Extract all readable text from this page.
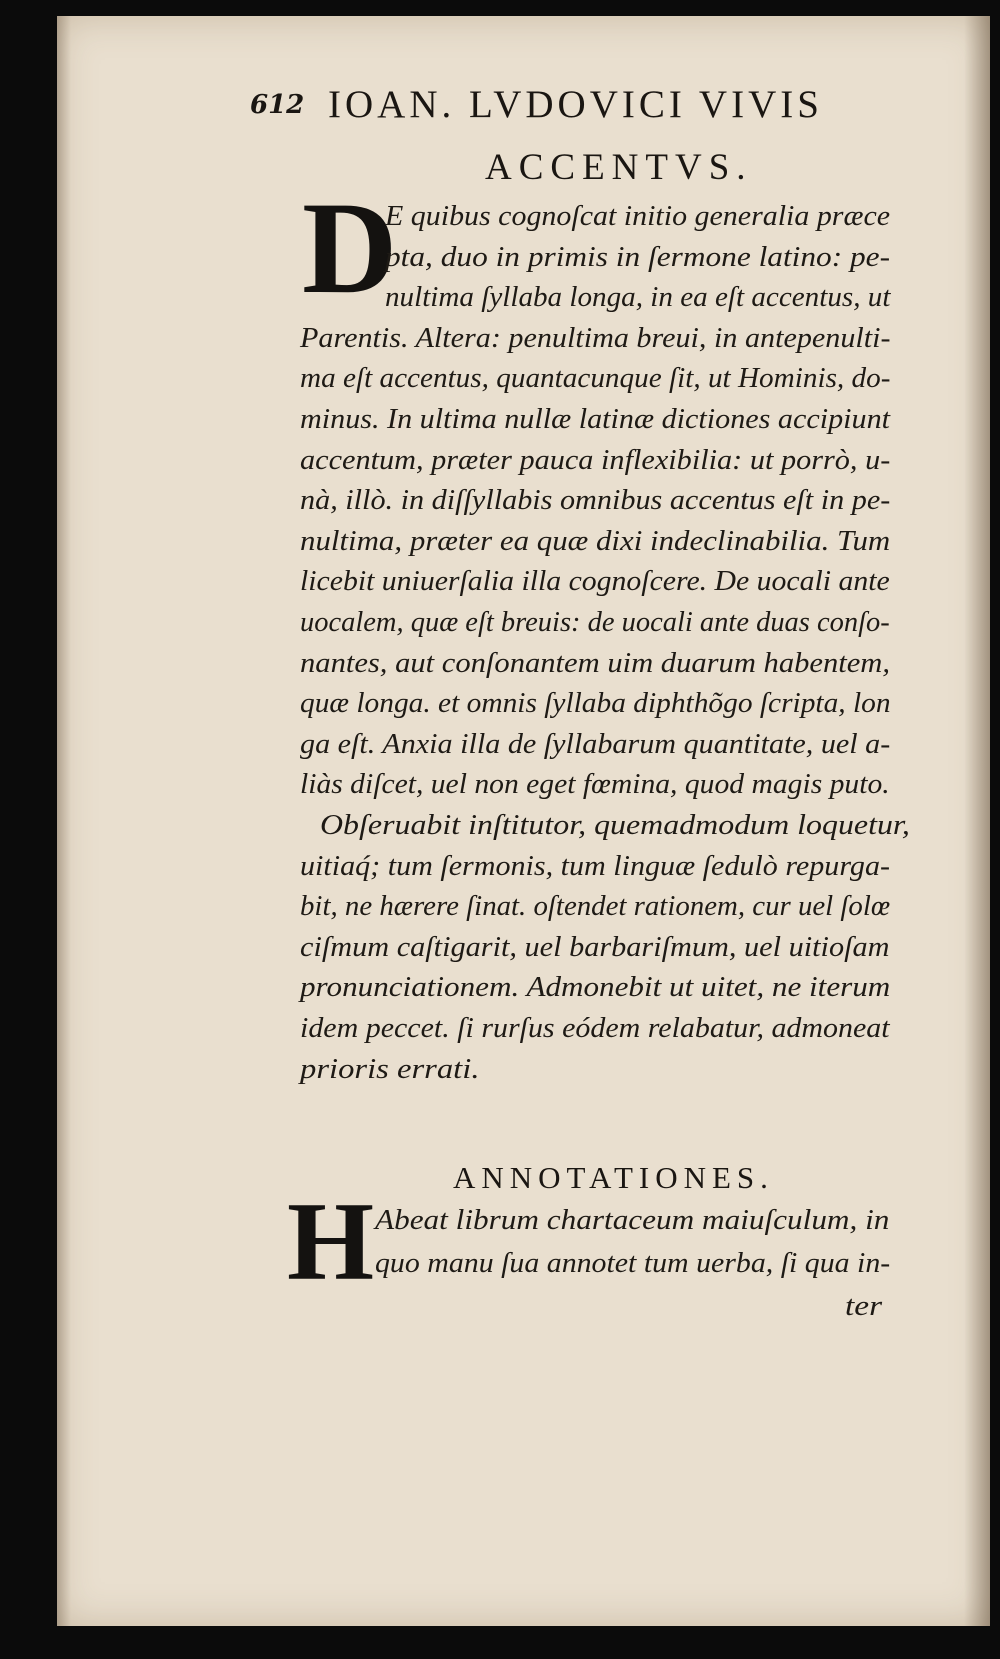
612 IOAN. LVDOVICI VIVIS
ACCENTVS.
D
E quibus cognoſcat initio generalia præce
pta, duo in primis in ſermone latino: pe-
nultima ſyllaba longa, in ea eſt accentus, ut
Parentis. Altera: penultima breui, in antepenulti-
ma eſt accentus, quantacunque ſit, ut Hominis, do-
minus. In ultima nullæ latinæ dictiones accipiunt
accentum, præter pauca inflexibilia: ut porrò, u-
nà, illò. in diſſyllabis omnibus accentus eſt in pe-
nultima, præter ea quæ dixi indeclinabilia. Tum
licebit uniuerſalia illa cognoſcere. De uocali ante
uocalem, quæ eſt breuis: de uocali ante duas conſo-
nantes, aut conſonantem uim duarum habentem,
quæ longa. et omnis ſyllaba diphthõgo ſcripta, lon
ga eſt. Anxia illa de ſyllabarum quantitate, uel a-
liàs diſcet, uel non eget fœmina, quod magis puto.
Obſeruabit inſtitutor, quemadmodum loquetur,
uitiaq́; tum ſermonis, tum linguæ ſedulò repurga-
bit, ne hærere ſinat. oſtendet rationem, cur uel ſolœ
ciſmum caſtigarit, uel barbariſmum, uel uitioſam
pronunciationem. Admonebit ut uitet, ne iterum
idem peccet. ſi rurſus eódem relabatur, admoneat
prioris errati.
ANNOTATIONES.
H Abeat librum chartaceum maiuſculum, in
quo manu ſua annotet tum uerba, ſi qua in-
ter
